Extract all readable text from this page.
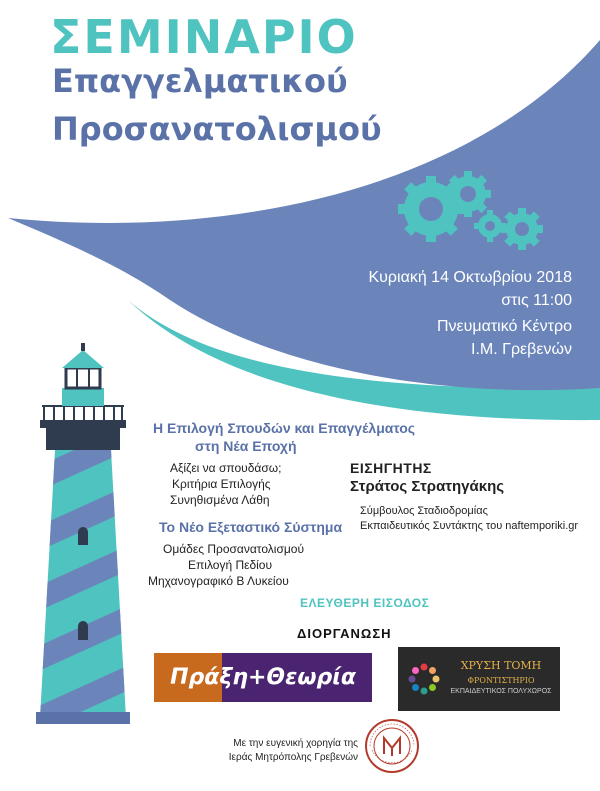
ΣΕΜΙΝΑΡΙΟ
Επαγγελματικού
Προσανατολισμού
Κυριακή 14 Οκτωβρίου 2018
στις 11:00
Πνευματικό Κέντρο
Ι.Μ. Γρεβενών
Η Επιλογή Σπουδών και Επαγγέλματος
στη Νέα Εποχή
Αξίζει να σπουδάσω;
Κριτήρια Επιλογής
Συνηθισμένα Λάθη
Το Νέο Εξεταστικό Σύστημα
Ομάδες Προσανατολισμού
Επιλογή Πεδίου
Μηχανογραφικό Β Λυκείου
ΕΙΣΗΓΗΤΗΣ
Στράτος Στρατηγάκης
Σύμβουλος Σταδιοδρομίας
Εκπαιδευτικός Συντάκτης του naftemporiki.gr
ΕΛΕΥΘΕΡΗ ΕΙΣΟΔΟΣ
ΔΙΟΡΓΑΝΩΣΗ
Πράξη+Θεωρία	ΧΡΥΣΗ ΤΟΜΗ
ΦΡΟΝΤΙΣΤΗΡΙΟ
ΕΚΠΑΙΔΕΥΤΙΚΟΣ ΠΟΛΥΧΩΡΟΣ
Με την ευγενική χορηγία της
Ιεράς Μητρόπολης Γρεβενών
